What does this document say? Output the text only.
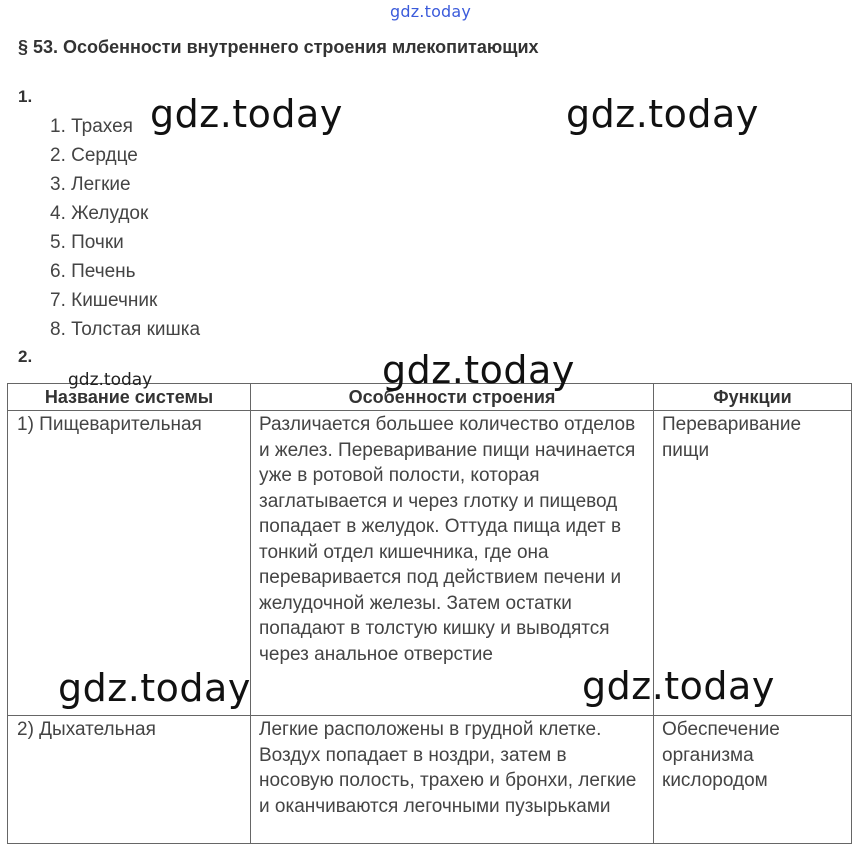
gdz.today
§ 53. Особенности внутреннего строения млекопитающих
1.
1. Трахея
2. Сердце
3. Легкие
4. Желудок
5. Почки
6. Печень
7. Кишечник
8. Толстая кишка
2.
Название системы	Особенности строения	Функции
1) Пищеварительная	Различается большее количество отделов и желез. Переваривание пищи начинается уже в ротовой полости, которая заглатывается и через глотку и пищевод попадает в желудок. Оттуда пища идет в тонкий отдел кишечника, где она переваривается под действием печени и желудочной железы. Затем остатки попадают в толстую кишку и выводятся через анальное отверстие	Переваривание пищи
2) Дыхательная	Легкие расположены в грудной клетке. Воздух попадает в ноздри, затем в носовую полость, трахею и бронхи, легкие и оканчиваются легочными пузырьками	Обеспечение организма кислородом
gdz.today	gdz.today
gdz.today
gdz.today	gdz.today
gdz.today
